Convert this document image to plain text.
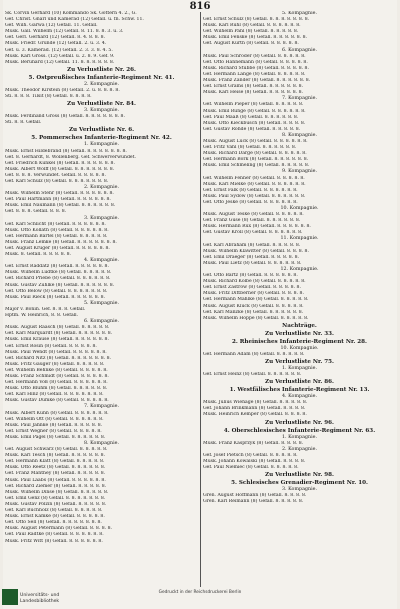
816
Sk. Corvin Gerhard (10) Kommando Sk. Gottern 4. 2., G.
Gef. Christ. Gnarl und Kamerad (12) Gefall. u. fn. Schw. 11.
Gef. Wilh. Garwa (12) Gefall. 11. Gefall.
Musk. Gall. Wilhelm (12) Gefall. 8. 11. 8. 8. 3. u. 3.
Gef. Gerl. Gerhard (12) Gefall. 8. 4. 8. 8. 8.
Musk. Friedr. Grunde (12) Gefall. 2. u. 3. 4.
Gef. u. 3. Kamerad. (12) Gefall. 2. 3. 3. 8. 4. 5.
Musk. Karl Gross. (12) Gefall. u. 2. 8. 9. Gef. 9.
Musk. Beruhard (12) Gefall. 11. 8. 8. 8. 8. 8. 8.
Zu Verlustliste Nr. 26.
5. Ostpreußisches Infanterie-Regiment Nr. 41.
2. Kompagnie.
Musk. Theodor Kirstein (8) Gefall. 2. u. 8. 8. 8. 8.
Sti. 8. 8. 8. Tilsit (8) Gefall. 8. 8. 8. 8.
Zu Verlustliste Nr. 84.
3. Kompagnie.
Musk. Ferdinand Gross (8) Gefall. 8. 8. 8. 8. 8. 8. 8.
Sti. 8. 8. Gefall.
Zu Verlustliste Nr. 6.
5. Pommersches Infanterie-Regiment Nr. 42.
1. Kompagnie.
Musk. Ernst Hildebrand (8) Gefall. 8. 8. 8. 8. 8. 8. 8.
Gef. 8. Gerhardt, 8. Wollenberg. Gef. Schwerverwundet.
Gef. Friedrich Kunkel (8) Gefall. 8. 8. 8. 8. 8. 8.
Musk. Albert Wolff (8) Gefall. 8. 8. 8. 8. 8. 8. 8.
Gef. 8. 8. 8. Verwundet. Gefall. 8. 8. 8. 8. 8.
Gef. Karl Schulz (8) Gefall. 8. 8. 8. 8. 8. 8. 8.
2. Kompagnie.
Musk. Wilhelm Stehr (8) Gefall. 8. 8. 8. 8. 8. 8.
Gef. Paul Hartmann (8) Gefall. 8. 8. 8. 8. 8. 8.
Musk. Emil Naumann (8) Gefall. 8. 8. 8. 8. 8. 8.
Gef. 8. 8. 8. Gefall. 8. 8. 8.
3. Kompagnie.
Gef. Karl Schlicht (8) Gefall. 8. 8. 8. 8. 8. 8.
Musk. Otto Kollath (8) Gefall. 8. 8. 8. 8. 8. 8.
Gef. Hermann Bartel (8) Gefall. 8. 8. 8. 8. 8.
Musk. Franz Lemke (8) Gefall. 8. 8. 8. 8. 8. 8. 8.
Gef. August Krüger (8) Gefall. 8. 8. 8. 8. 8. 8.
Musk. 8. Gefall. 8. 8. 8. 8. 8.
4. Kompagnie.
Gef. Ernst Raddatz (8) Gefall. 8. 8. 8. 8. 8. 8.
Musk. Wilhelm Lüdtke (8) Gefall. 8. 8. 8. 8. 8.
Gef. Richard Priebe (8) Gefall. 8. 8. 8. 8. 8. 8.
Musk. Gustav Zühlke (8) Gefall. 8. 8. 8. 8. 8. 8.
Gef. Otto Below (8) Gefall. 8. 8. 8. 8. 8. 8. 8.
Musk. Paul Rieck (8) Gefall. 8. 8. 8. 8. 8. 8.
5. Kompagnie.
Major v. Bonin. Gef. 8. 8. 8. Gefall.
Hptm. W. Heinrich, 8. 8. Gefall.
6. Kompagnie.
Musk. August Raasch (8) Gefall. 8. 8. 8. 8. 8.
Gef. Karl Marquardt (8) Gefall. 8. 8. 8. 8. 8. 8.
Musk. Emil Krause (8) Gefall. 8. 8. 8. 8. 8. 8.
Gef. Ernst Rosin (8) Gefall. 8. 8. 8. 8. 8.
Musk. Paul Wendt (8) Gefall. 8. 8. 8. 8. 8. 8.
Gef. Richard Nitz (8) Gefall. 8. 8. 8. 8. 8. 8. 8.
Musk. Fritz Gauger (8) Gefall. 8. 8. 8. 8. 8.
Gef. Wilhelm Behnke (8) Gefall. 8. 8. 8. 8. 8.
Musk. Franz Schmidt (8) Gefall. 8. 8. 8. 8. 8.
Gef. Hermann Voß (8) Gefall. 8. 8. 8. 8. 8. 8.
Musk. Otto Bluhm (8) Gefall. 8. 8. 8. 8. 8. 8.
Gef. Karl Hinz (8) Gefall. 8. 8. 8. 8. 8. 8. 8.
Musk. Gustav Dumke (8) Gefall. 8. 8. 8. 8. 8.
7. Kompagnie.
Musk. Albert Kuhn (8) Gefall. 8. 8. 8. 8. 8. 8.
Gef. Wilhelm Ott (8) Gefall. 8. 8. 8. 8. 8. 8.
Musk. Paul Jahnke (8) Gefall. 8. 8. 8. 8. 8.
Gef. Ernst Wegner (8) Gefall. 8. 8. 8. 8. 8.
Musk. Emil Pagel (8) Gefall. 8. 8. 8. 8. 8. 8.
8. Kompagnie.
Gef. August Schwarz (8) Gefall. 8. 8. 8. 8. 8.
Musk. Karl Tesch (8) Gefall. 8. 8. 8. 8. 8. 8.
Gef. Hermann Klatt (8) Gefall. 8. 8. 8. 8. 8.
Musk. Otto Reetz (8) Gefall. 8. 8. 8. 8. 8. 8.
Gef. Franz Manthey (8) Gefall. 8. 8. 8. 8. 8.
Musk. Paul Laabs (8) Gefall. 8. 8. 8. 8. 8. 8.
Gef. Richard Ziemer (8) Gefall. 8. 8. 8. 8. 8.
Musk. Wilhelm Dinse (8) Gefall. 8. 8. 8. 8. 8.
Gef. Emil Genz (8) Gefall. 8. 8. 8. 8. 8. 8. 8.
Musk. Gustav Polzin (8) Gefall. 8. 8. 8. 8. 8.
Gef. Karl Buchholz (8) Gefall. 8. 8. 8. 8. 8.
Musk. Ernst Kamke (8) Gefall. 8. 8. 8. 8. 8.
Gef. Otto Sell (8) Gefall. 8. 8. 8. 8. 8. 8. 8.
Musk. August Petermann (8) Gefall. 8. 8. 8. 8.
Gef. Paul Radtke (8) Gefall. 8. 8. 8. 8. 8. 8.
Musk. Fritz Witt (8) Gefall. 8. 8. 8. 8. 8. 8.
5. Kompagnie.
Gef. Ernst Schulz (8) Gefall. 8. 8. 8. 8. 8. 8. 8.
Musk. Karl Rühl (8) Gefall. 8. 8. 8. 8. 8. 8.
Gef. Wilhelm Pahl (8) Gefall. 8. 8. 8. 8. 8.
Musk. Emil Fenske (8) Gefall. 8. 8. 8. 8. 8. 8.
Gef. August Kurth (8) Gefall. 8. 8. 8. 8. 8.
6. Kompagnie.
Musk. Paul Schröder (8) Gefall. 8. 8. 8. 8. 8.
Gef. Otto Hannemann (8) Gefall. 8. 8. 8. 8. 8.
Musk. Richard Stubbe (8) Gefall. 8. 8. 8. 8. 8.
Gef. Hermann Lange (8) Gefall. 8. 8. 8. 8. 8.
Musk. Franz Zander (8) Gefall. 8. 8. 8. 8. 8. 8.
Gef. Ernst Grams (8) Gefall. 8. 8. 8. 8. 8. 8.
Musk. Karl Heise (8) Gefall. 8. 8. 8. 8. 8. 8.
7. Kompagnie.
Gef. Wilhelm Pieper (8) Gefall. 8. 8. 8. 8. 8.
Musk. Emil Runge (8) Gefall. 8. 8. 8. 8. 8. 8.
Gef. Paul Maaß (8) Gefall. 8. 8. 8. 8. 8. 8.
Musk. Otto Kieckbusch (8) Gefall. 8. 8. 8. 8.
Gef. Gustav Rohde (8) Gefall. 8. 8. 8. 8. 8.
8. Kompagnie.
Musk. August Lück (8) Gefall. 8. 8. 8. 8. 8. 8.
Gef. Fritz Vahl (8) Gefall. 8. 8. 8. 8. 8. 8.
Musk. Richard Darge (8) Gefall. 8. 8. 8. 8. 8.
Gef. Hermann Bork (8) Gefall. 8. 8. 8. 8. 8. 8.
Musk. Emil Schmeling (8) Gefall. 8. 8. 8. 8. 8.
9. Kompagnie.
Gef. Wilhelm Fenner (8) Gefall. 8. 8. 8. 8. 8.
Musk. Karl Mielke (8) Gefall. 8. 8. 8. 8. 8. 8.
Gef. Ernst Falk (8) Gefall. 8. 8. 8. 8. 8. 8.
Musk. Paul Sydow (8) Gefall. 8. 8. 8. 8. 8. 8.
Gef. Otto Jeske (8) Gefall. 8. 8. 8. 8. 8. 8.
10. Kompagnie.
Musk. August Teske (8) Gefall. 8. 8. 8. 8. 8.
Gef. Franz Guse (8) Gefall. 8. 8. 8. 8. 8. 8.
Musk. Hermann Rux (8) Gefall. 8. 8. 8. 8. 8. 8.
Gef. Gustav Kroll (8) Gefall. 8. 8. 8. 8. 8. 8.
11. Kompagnie.
Gef. Karl Abraham (8) Gefall. 8. 8. 8. 8. 8.
Musk. Wilhelm Klawitter (8) Gefall. 8. 8. 8. 8.
Gef. Emil Draeger (8) Gefall. 8. 8. 8. 8. 8.
Musk. Paul Lietz (8) Gefall. 8. 8. 8. 8. 8. 8.
12. Kompagnie.
Gef. Otto Bartz (8) Gefall. 8. 8. 8. 8. 8. 8.
Musk. Richard Kolbe (8) Gefall. 8. 8. 8. 8. 8.
Gef. Ernst Zastrow (8) Gefall. 8. 8. 8. 8. 8.
Musk. Fritz Dittberner (8) Gefall. 8. 8. 8. 8.
Gef. Hermann Mahlke (8) Gefall. 8. 8. 8. 8. 8.
Musk. August Kluck (8) Gefall. 8. 8. 8. 8. 8.
Gef. Karl Manzke (8) Gefall. 8. 8. 8. 8. 8. 8.
Musk. Wilhelm Hoppe (8) Gefall. 8. 8. 8. 8. 8.
Nachträge.
Zu Verlustliste Nr. 33.
2. Rheinisches Infanterie-Regiment Nr. 28.
10. Kompagnie.
Gef. Hermann Adam (8) Gefall. 8. 8. 8. 8. 8.
Zu Verlustliste Nr. 75.
1. Kompagnie.
Gef. Ernst Heinz (8) Gefall. 8. 8. 8. 8. 8. 8.
Zu Verlustliste Nr. 86.
1. Westfälisches Infanterie-Regiment Nr. 13.
4. Kompagnie.
Musk. Julius Wiehage (8) Gefall. 8. 8. 8. 8. 8.
Gef. Johann Brinkmann (8) Gefall. 8. 8. 8. 8.
Musk. Heinrich Kemper (8) Gefall. 8. 8. 8. 8.
Zu Verlustliste Nr. 96.
4. Oberschlesisches Infanterie-Regiment Nr. 63.
1. Kompagnie.
Musk. Franz Kasprzyk (8) Gefall. 8. 8. 8. 8.
2. Kompagnie.
Gef. Josef Pietsch (8) Gefall. 8. 8. 8. 8. 8.
Musk. Johann Kowalski (8) Gefall. 8. 8. 8. 8.
Gef. Paul Niemiec (8) Gefall. 8. 8. 8. 8. 8.
Zu Verlustliste Nr. 98.
5. Schlesisches Grenadier-Regiment Nr. 10.
3. Kompagnie.
Gren. August Hoffmann (8) Gefall. 8. 8. 8. 8.
Gren. Karl Reimann (8) Gefall. 8. 8. 8. 8. 8.
Gedruckt in der Reichsdruckerei Berlin
Universitäts- und
Landesbibliothek
